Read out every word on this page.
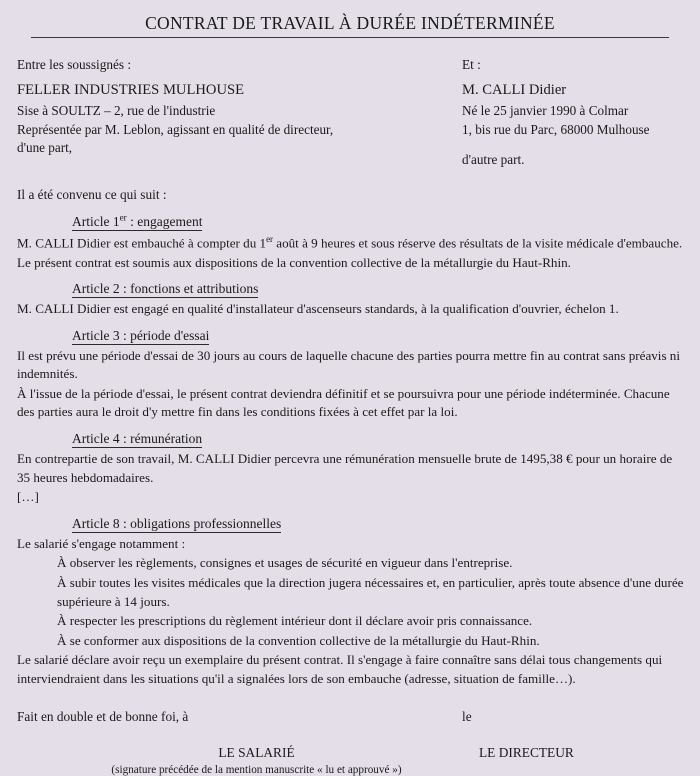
CONTRAT DE TRAVAIL À DURÉE INDÉTERMINÉE
Entre les soussignés :
FELLER INDUSTRIES MULHOUSE
Sise à SOULTZ – 2, rue de l'industrie
Représentée par M. Leblon, agissant en qualité de directeur,
d'une part,
Et :
M. CALLI Didier
Né le 25 janvier 1990 à Colmar
1, bis rue du Parc, 68000 Mulhouse
d'autre part.
Il a été convenu ce qui suit :
Article 1er : engagement

M. CALLI Didier est embauché à compter du 1er août à 9 heures et sous réserve des résultats de la visite médicale d'embauche.

Le présent contrat est soumis aux dispositions de la convention collective de la métallurgie du Haut-Rhin.

Article 2 : fonctions et attributions

M. CALLI Didier est engagé en qualité d'installateur d'ascenseurs standards, à la qualification d'ouvrier, échelon 1.

Article 3 : période d'essai

Il est prévu une période d'essai de 30 jours au cours de laquelle chacune des parties pourra mettre fin au contrat sans préavis ni indemnités.

À l'issue de la période d'essai, le présent contrat deviendra définitif et se poursuivra pour une période indéterminée. Chacune des parties aura le droit d'y mettre fin dans les conditions fixées à cet effet par la loi.

Article 4 : rémunération

En contrepartie de son travail, M. CALLI Didier percevra une rémunération mensuelle brute de 1495,38 € pour un horaire de 35 heures hebdomadaires.

[…]

Article 8 : obligations professionnelles

Le salarié s'engage notamment :

À observer les règlements, consignes et usages de sécurité en vigueur dans l'entreprise.

À subir toutes les visites médicales que la direction jugera nécessaires et, en particulier, après toute absence d'une durée supérieure à 14 jours.

À respecter les prescriptions du règlement intérieur dont il déclare avoir pris connaissance.

À se conformer aux dispositions de la convention collective de la métallurgie du Haut-Rhin.

Le salarié déclare avoir reçu un exemplaire du présent contrat. Il s'engage à faire connaître sans délai tous changements qui interviendraient dans les situations qu'il a signalées lors de son embauche (adresse, situation de famille…).

Fait en double et de bonne foi, à	le
LE SALARIÉ	LE DIRECTEUR
(signature précédée de la mention manuscrite « lu et approuvé »)
